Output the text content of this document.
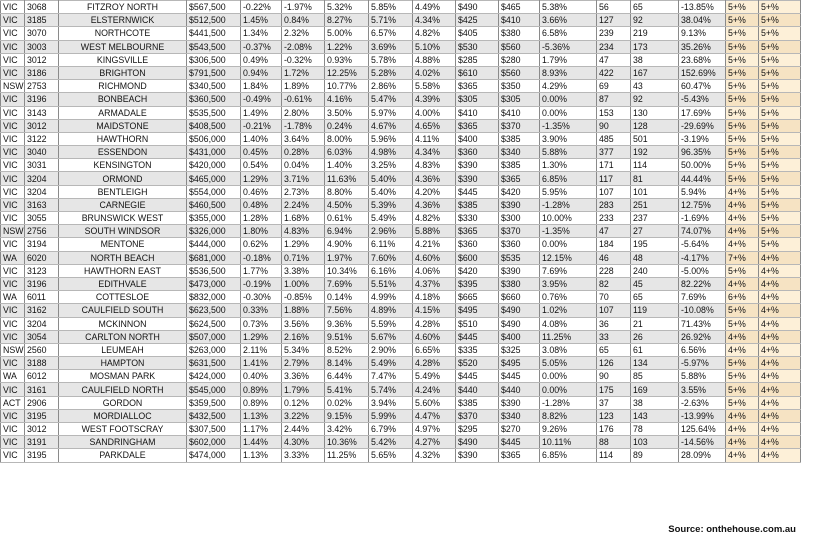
VIC	3068	FITZROY NORTH	$567,500	-0.22%	-1.97%	5.32%	5.85%	4.49%	$490	$465	5.38%	56	65	-13.85%	5+%	5+%
VIC	3185	ELSTERNWICK	$512,500	1.45%	0.84%	8.27%	5.71%	4.34%	$425	$410	3.66%	127	92	38.04%	5+%	5+%
VIC	3070	NORTHCOTE	$441,500	1.34%	2.32%	5.00%	6.57%	4.82%	$405	$380	6.58%	239	219	9.13%	5+%	5+%
VIC	3003	WEST MELBOURNE	$543,500	-0.37%	-2.08%	1.22%	3.69%	5.10%	$530	$560	-5.36%	234	173	35.26%	5+%	5+%
VIC	3012	KINGSVILLE	$306,500	0.49%	-0.32%	0.93%	5.78%	4.88%	$285	$280	1.79%	47	38	23.68%	5+%	5+%
VIC	3186	BRIGHTON	$791,500	0.94%	1.72%	12.25%	5.28%	4.02%	$610	$560	8.93%	422	167	152.69%	5+%	5+%
NSW	2753	RICHMOND	$340,500	1.84%	1.89%	10.77%	2.86%	5.58%	$365	$350	4.29%	69	43	60.47%	5+%	5+%
VIC	3196	BONBEACH	$360,500	-0.49%	-0.61%	4.16%	5.47%	4.39%	$305	$305	0.00%	87	92	-5.43%	5+%	5+%
VIC	3143	ARMADALE	$535,500	1.49%	2.80%	3.50%	5.97%	4.00%	$410	$410	0.00%	153	130	17.69%	5+%	5+%
VIC	3012	MAIDSTONE	$408,500	-0.21%	-1.78%	0.24%	4.67%	4.65%	$365	$370	-1.35%	90	128	-29.69%	5+%	5+%
VIC	3122	HAWTHORN	$506,000	1.40%	3.64%	8.00%	5.96%	4.11%	$400	$385	3.90%	485	501	-3.19%	5+%	5+%
VIC	3040	ESSENDON	$431,000	0.45%	0.28%	6.03%	4.98%	4.34%	$360	$340	5.88%	377	192	96.35%	5+%	5+%
VIC	3031	KENSINGTON	$420,000	0.54%	0.04%	1.40%	3.25%	4.83%	$390	$385	1.30%	171	114	50.00%	5+%	5+%
VIC	3204	ORMOND	$465,000	1.29%	3.71%	11.63%	5.40%	4.36%	$390	$365	6.85%	117	81	44.44%	5+%	5+%
VIC	3204	BENTLEIGH	$554,000	0.46%	2.73%	8.80%	5.40%	4.20%	$445	$420	5.95%	107	101	5.94%	4+%	5+%
VIC	3163	CARNEGIE	$460,500	0.48%	2.24%	4.50%	5.39%	4.36%	$385	$390	-1.28%	283	251	12.75%	4+%	5+%
VIC	3055	BRUNSWICK WEST	$355,000	1.28%	1.68%	0.61%	5.49%	4.82%	$330	$300	10.00%	233	237	-1.69%	4+%	5+%
NSW	2756	SOUTH WINDSOR	$326,000	1.80%	4.83%	6.94%	2.96%	5.88%	$365	$370	-1.35%	47	27	74.07%	4+%	5+%
VIC	3194	MENTONE	$444,000	0.62%	1.29%	4.90%	6.11%	4.21%	$360	$360	0.00%	184	195	-5.64%	4+%	5+%
WA	6020	NORTH BEACH	$681,000	-0.18%	0.71%	1.97%	7.60%	4.60%	$600	$535	12.15%	46	48	-4.17%	7+%	4+%
VIC	3123	HAWTHORN EAST	$536,500	1.77%	3.38%	10.34%	6.16%	4.06%	$420	$390	7.69%	228	240	-5.00%	5+%	4+%
VIC	3196	EDITHVALE	$473,000	-0.19%	1.00%	7.69%	5.51%	4.37%	$395	$380	3.95%	82	45	82.22%	4+%	4+%
WA	6011	COTTESLOE	$832,000	-0.30%	-0.85%	0.14%	4.99%	4.18%	$665	$660	0.76%	70	65	7.69%	6+%	4+%
VIC	3162	CAULFIELD SOUTH	$623,500	0.33%	1.88%	7.56%	4.89%	4.15%	$495	$490	1.02%	107	119	-10.08%	5+%	4+%
VIC	3204	MCKINNON	$624,500	0.73%	3.56%	9.36%	5.59%	4.28%	$510	$490	4.08%	36	21	71.43%	5+%	4+%
VIC	3054	CARLTON NORTH	$507,000	1.29%	2.16%	9.51%	5.67%	4.60%	$445	$400	11.25%	33	26	26.92%	4+%	4+%
NSW	2560	LEUMEAH	$263,000	2.11%	5.34%	8.52%	2.90%	6.65%	$335	$325	3.08%	65	61	6.56%	4+%	4+%
VIC	3188	HAMPTON	$631,500	1.41%	2.79%	8.14%	5.49%	4.28%	$520	$495	5.05%	126	134	-5.97%	5+%	4+%
WA	6012	MOSMAN PARK	$424,000	0.40%	3.36%	6.44%	7.47%	5.49%	$445	$445	0.00%	90	85	5.88%	5+%	4+%
VIC	3161	CAULFIELD NORTH	$545,000	0.89%	1.79%	5.41%	5.74%	4.24%	$440	$440	0.00%	175	169	3.55%	5+%	4+%
ACT	2906	GORDON	$359,500	0.89%	0.12%	0.02%	3.94%	5.60%	$385	$390	-1.28%	37	38	-2.63%	5+%	4+%
VIC	3195	MORDIALLOC	$432,500	1.13%	3.22%	9.15%	5.99%	4.47%	$370	$340	8.82%	123	143	-13.99%	4+%	4+%
VIC	3012	WEST FOOTSCRAY	$307,500	1.17%	2.44%	3.42%	6.79%	4.97%	$295	$270	9.26%	176	78	125.64%	4+%	4+%
VIC	3191	SANDRINGHAM	$602,000	1.44%	4.30%	10.36%	5.42%	4.27%	$490	$445	10.11%	88	103	-14.56%	4+%	4+%
VIC	3195	PARKDALE	$474,000	1.13%	3.33%	11.25%	5.65%	4.32%	$390	$365	6.85%	114	89	28.09%	4+%	4+%
Source: onthehouse.com.au
